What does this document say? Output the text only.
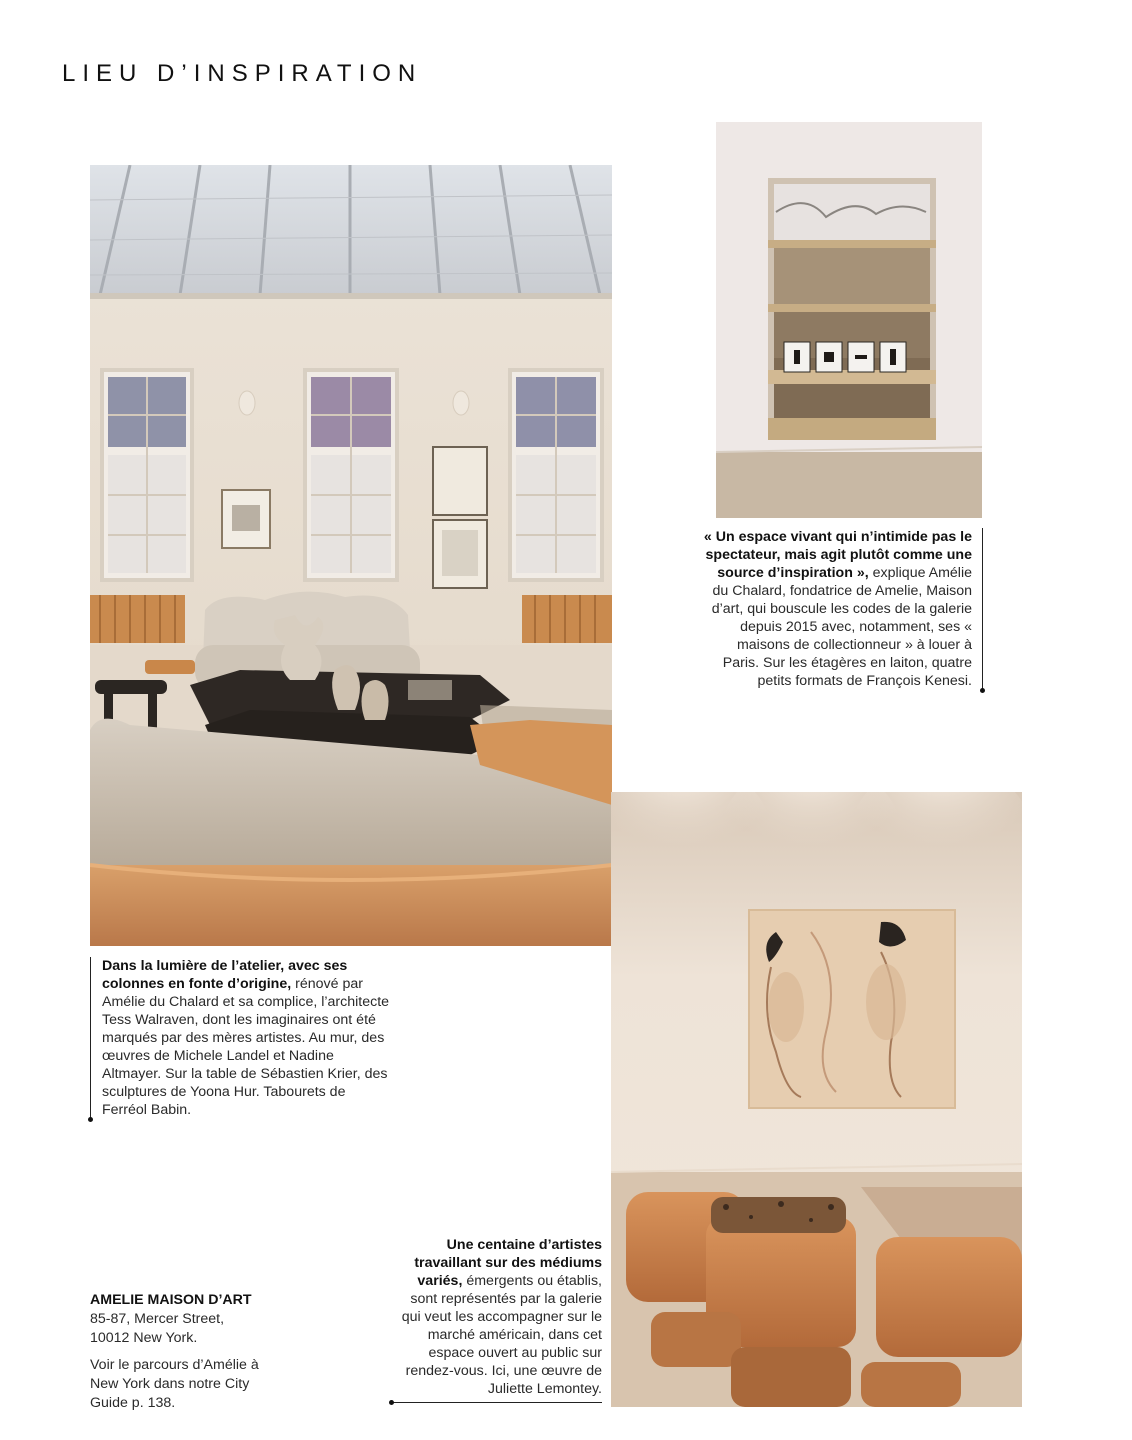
LIEU D’INSPIRATION

« Un espace vivant qui n’intimide pas le spectateur, mais agit plutôt comme une source d’inspiration », explique Amélie du Chalard, fondatrice de Amelie, Maison d’art, qui bouscule les codes de la galerie depuis 2015 avec, notamment, ses « maisons de collectionneur » à louer à Paris. Sur les étagères en laiton, quatre petits formats de François Kenesi.

Dans la lumière de l’atelier, avec ses colonnes en fonte d’origine, rénové par Amélie du Chalard et sa complice, l’architecte Tess Walraven, dont les imaginaires ont été marqués par des mères artistes. Au mur, des œuvres de Michele Landel et Nadine Altmayer. Sur la table de Sébastien Krier, des sculptures de Yoona Hur. Tabourets de Ferréol Babin.

Une centaine d’artistes travaillant sur des médiums variés, émergents ou établis, sont représentés par la galerie qui veut les accompagner sur le marché américain, dans cet espace ouvert au public sur rendez-vous. Ici, une œuvre de Juliette Lemontey.

AMELIE MAISON D’ART
85-87, Mercer Street,
10012 New York.
Voir le parcours d’Amélie à New York dans notre City Guide p. 138.
